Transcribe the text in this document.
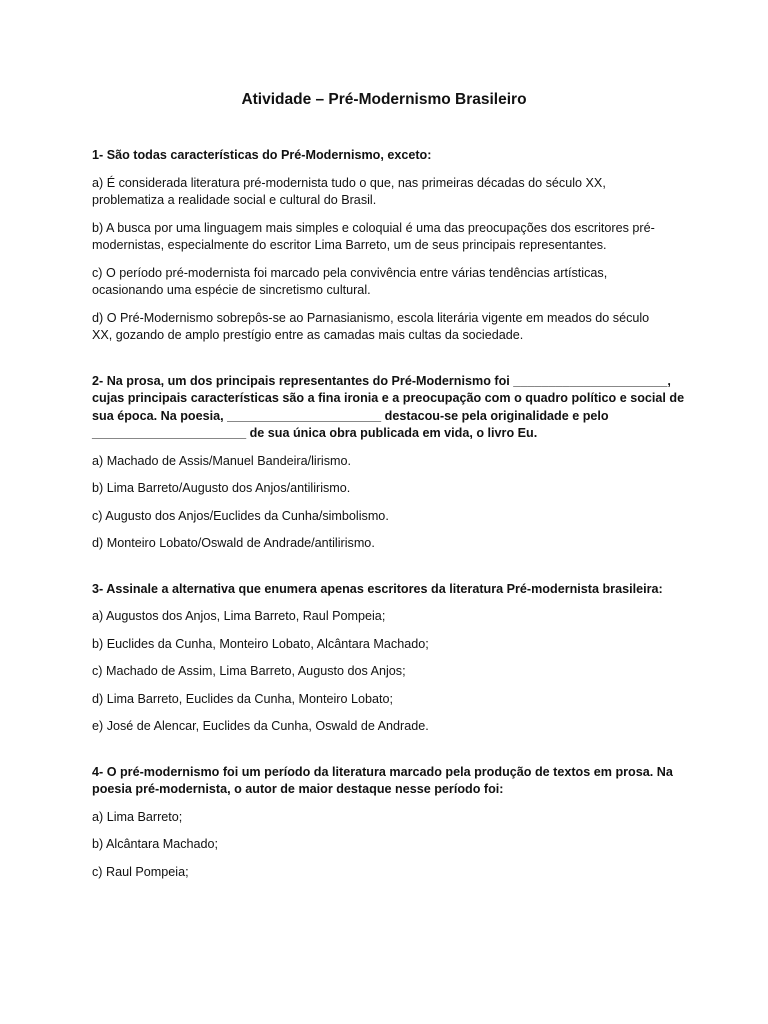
Atividade – Pré-Modernismo Brasileiro

1- São todas características do Pré-Modernismo, exceto:

a) É considerada literatura pré-modernista tudo o que, nas primeiras décadas do século XX,
problematiza a realidade social e cultural do Brasil.

b) A busca por uma linguagem mais simples e coloquial é uma das preocupações dos escritores pré-
modernistas, especialmente do escritor Lima Barreto, um de seus principais representantes.

c) O período pré-modernista foi marcado pela convivência entre várias tendências artísticas,
ocasionando uma espécie de sincretismo cultural.

d) O Pré-Modernismo sobrepôs-se ao Parnasianismo, escola literária vigente em meados do século
XX, gozando de amplo prestígio entre as camadas mais cultas da sociedade.

2- Na prosa, um dos principais representantes do Pré-Modernismo foi ______________________,
cujas principais características são a fina ironia e a preocupação com o quadro político e social de
sua época. Na poesia, ______________________ destacou-se pela originalidade e pelo
______________________ de sua única obra publicada em vida, o livro Eu.

a) Machado de Assis/Manuel Bandeira/lirismo.

b) Lima Barreto/Augusto dos Anjos/antilirismo.

c) Augusto dos Anjos/Euclides da Cunha/simbolismo.

d) Monteiro Lobato/Oswald de Andrade/antilirismo.

3- Assinale a alternativa que enumera apenas escritores da literatura Pré-modernista brasileira:

a) Augustos dos Anjos, Lima Barreto, Raul Pompeia;

b) Euclides da Cunha, Monteiro Lobato, Alcântara Machado;

c) Machado de Assim, Lima Barreto, Augusto dos Anjos;

d) Lima Barreto, Euclides da Cunha, Monteiro Lobato;

e) José de Alencar, Euclides da Cunha, Oswald de Andrade.

4- O pré-modernismo foi um período da literatura marcado pela produção de textos em prosa. Na
poesia pré-modernista, o autor de maior destaque nesse período foi:

a) Lima Barreto;

b) Alcântara Machado;

c) Raul Pompeia;
